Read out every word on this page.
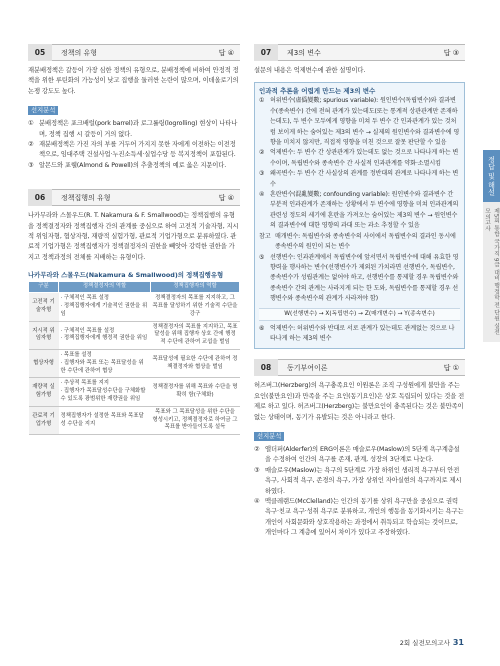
05	정책의 유형	답 ④
재분배정책은 갈등이 가장 심한 정책의 유형으로, 분배정책에 비하여 안정적 정책을 위한 루틴화의 가능성이 낮고 집행을 둘러싼 논란이 많으며, 이데올로기의 논쟁 강도도 높다.
선지분석
① 분배정책은 포크배럴(pork barrel)과 로그롤링(logrolling) 현상이 나타나며, 정책 집행 시 갈등이 거의 없다.
② 재분배정책은 가진 자의 부를 거두어 가지지 못한 자에게 이전하는 이전정책으로, 임대주택 건설사업·누진소득세·실업수당 등 복지정책이 포함된다.
③ 알몬드와 포웰(Almond & Powell)의 추출정책의 예로 옳은 지문이다.
06	정책집행의 유형	답 ④
나카무라와 스몰우드(R. T. Nakamura & F. Smallwood)는 정책집행의 유형을 정책결정자와 정책집행자 간의 관계를 중심으로 하여 고전적 기술자형, 지시적 위임자형, 협상자형, 재량적 실험가형, 관료적 기업가형으로 분류하였다. 관료적 기업가형은 정책집행자가 정책결정자의 권한을 빼앗아 강력한 권한을 가지고 정책과정의 전체를 지배하는 유형이다.
나카무라와 스몰우드(Nakamura & Smallwood)의 정책집행유형
구분	정책결정자의 역할	정책집행자의 역할
고전적 기술자형	· 구체적인 목표 설정
· 정책집행자에게 기술적인 권한을 위임	정책결정자의 목표를 지지하고, 그 목표를 달성하기 위한 기술적 수단을 강구

지시적 위임자형	· 구체적인 목표를 설정
· 정책집행자에게 행정적 권한을 위임	정책결정자의 목표를 지지하고, 목표달성을 위해 집행자 상호 간에 행정적 수단에 관하여 교섭을 벌임

협상자형	· 목표를 설정
· 집행자와 목표 또는 목표달성을 위한 수단에 관하여 협상	목표달성에 필요한 수단에 관하여 정책결정자와 협상을 벌임

재량적 실험가형	· 추상적 목표를 지지
· 집행자가 목표달성수단을 구체화할 수 있도록 광범위한 재량권을 위임	정책결정자를 위해 목표와 수단을 명확히 함(구체화)

관료적 기업가형	정책집행자가 설정한 목표와 목표달성 수단을 지지	목표와 그 목표달성을 위한 수단을 형성시키고, 정책결정자로 하여금 그 목표를 받아들이도록 설득
07	제3의 변수	답 ③
설문의 내용은 억제변수에 관한 설명이다.
인과적 추론을 어렵게 만드는 제3의 변수
① 허위변수(虛僞變數; spurious variable): 원인변수(독립변수)와 결과변수(종속변수) 간에 전혀 관계가 있는데도(또는 통계적 상관관계만 존재하는데도), 두 변수 모두에게 영향을 미쳐 두 변수 간 인과관계가 있는 것처럼 보이게 하는 숨어있는 제3의 변수 → 실제의 원인변수와 결과변수에 영향을 미치지 않지만, 직접적 영향을 미친 것으로 잘못 판단할 수 있음
② 억제변수: 두 변수 간 상관관계가 있는데도 없는 것으로 나타나게 하는 변수이며, 독립변수와 종속변수 간 사실적 인과관계를 약화·소멸시킴
③ 왜곡변수: 두 변수 간 사실상의 관계를 정반대의 관계로 나타나게 하는 변수
④ 혼란변수(混亂變數; confounding variable): 원인변수와 결과변수 간 부분적 인과관계가 존재하는 상황에서 두 변수에 영향을 미쳐 인과관계의 관련성 정도의 세기에 혼란을 가져오는 숨어있는 제3의 변수 → 원인변수의 결과변수에 대한 영향의 과대 또는 과소 추정할 수 있음
참고 매개변수: 독립변수와 종속변수의 사이에서 독립변수의 결과인 동시에 종속변수의 원인이 되는 변수
⑤ 선행변수: 인과관계에서 독립변수에 앞서면서 독립변수에 대해 유효한 영향력을 행사하는 변수(선행변수가 제외된 가치라면 선행변수, 독립변수, 종속변수가 성립관계는 없어야 하고, 선행변수를 통제할 경우 독립변수와 종속변수 간의 관계는 사라지게 되는 한 도와, 독립변수를 통제할 경우 선행변수와 종속변수의 관계가 사라져야 함)
W(선행변수) → X(독립변수) → Z(매개변수) → Y(종속변수)
⑥ 억제변수: 허위변수와 반대로 서로 관계가 있는데도 관계없는 것으로 나타나게 하는 제3의 변수
08	동기부여이론	답 ①
허즈버그(Herzberg)의 욕구충족요인 이원론은 조직 구성원에게 불만을 주는 요인(불만요인)과 만족을 주는 요인(동기요인)은 상호 독립되어 있다는 것을 전제로 하고 있다. 허즈버그(Herzberg)는 불만요인이 충족된다는 것은 불만족이 없는 상태이며, 동기가 유발되는 것은 아니라고 한다.
선지분석
② 앨더퍼(Alderfer)의 ERG이론은 매슬로우(Maslow)의 5단계 욕구계층설을 수정하여 인간의 욕구를 존재, 관계, 성장의 3단계로 나눈다.
③ 매슬로우(Maslow)는 욕구의 5단계로 가장 하위인 생리적 욕구부터 안전 욕구, 사회적 욕구, 존경의 욕구, 가장 상위인 자아실현의 욕구까지로 제시하였다.
④ 맥클레랜드(McClelland)는 인간의 동기를 상위 욕구만을 중심으로 권력 욕구·친교 욕구·성취 욕구로 분류하고, 개인의 행동을 동기화시키는 욕구는 개인이 사회문화와 상호작용하는 과정에서 취득되고 학습되는 것이므로, 개인마다 그 계층에 있어서 차이가 있다고 주장하였다.
정답 및 해설
제5회 통합 국가직 9급 대비 행정학 전 단원 실전 모의고사
2회 실전모의고사 31
